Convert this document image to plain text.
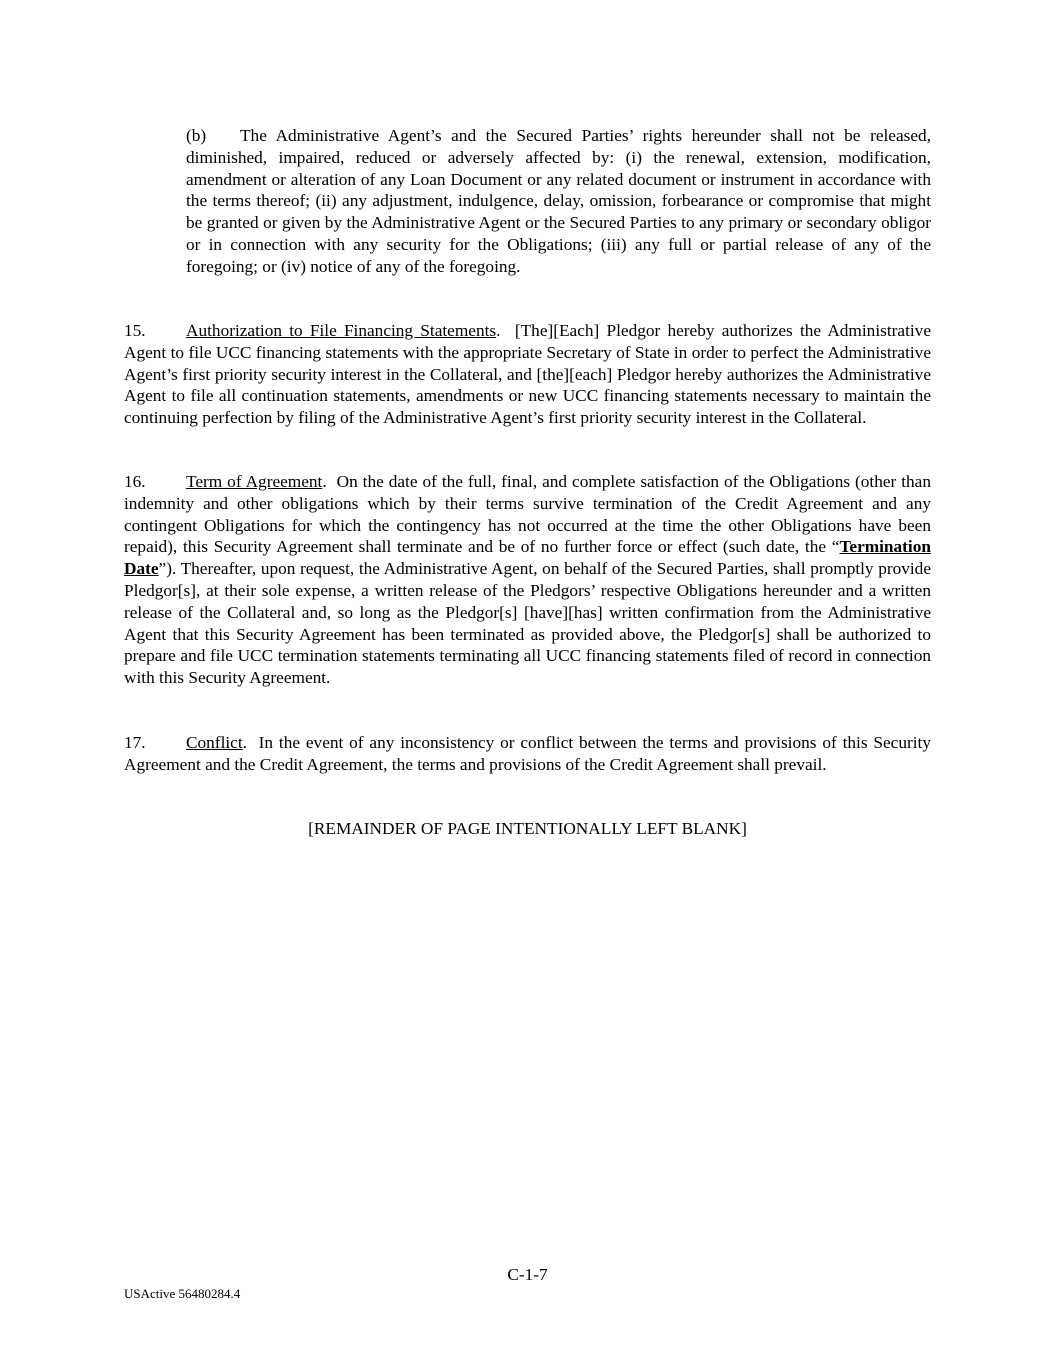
(b) The Administrative Agent’s and the Secured Parties’ rights hereunder shall not be released, diminished, impaired, reduced or adversely affected by: (i) the renewal, extension, modification, amendment or alteration of any Loan Document or any related document or instrument in accordance with the terms thereof; (ii) any adjustment, indulgence, delay, omission, forbearance or compromise that might be granted or given by the Administrative Agent or the Secured Parties to any primary or secondary obligor or in connection with any security for the Obligations; (iii) any full or partial release of any of the foregoing; or (iv) notice of any of the foregoing.

15. Authorization to File Financing Statements.  [The][Each] Pledgor hereby authorizes the Administrative Agent to file UCC financing statements with the appropriate Secretary of State in order to perfect the Administrative Agent’s first priority security interest in the Collateral, and [the][each] Pledgor hereby authorizes the Administrative Agent to file all continuation statements, amendments or new UCC financing statements necessary to maintain the continuing perfection by filing of the Administrative Agent’s first priority security interest in the Collateral.

16. Term of Agreement.  On the date of the full, final, and complete satisfaction of the Obligations (other than indemnity and other obligations which by their terms survive termination of the Credit Agreement and any contingent Obligations for which the contingency has not occurred at the time the other Obligations have been repaid), this Security Agreement shall terminate and be of no further force or effect (such date, the “Termination Date”). Thereafter, upon request, the Administrative Agent, on behalf of the Secured Parties, shall promptly provide Pledgor[s], at their sole expense, a written release of the Pledgors’ respective Obligations hereunder and a written release of the Collateral and, so long as the Pledgor[s] [have][has] written confirmation from the Administrative Agent that this Security Agreement has been terminated as provided above, the Pledgor[s] shall be authorized to prepare and file UCC termination statements terminating all UCC financing statements filed of record in connection with this Security Agreement.

17. Conflict.  In the event of any inconsistency or conflict between the terms and provisions of this Security Agreement and the Credit Agreement, the terms and provisions of the Credit Agreement shall prevail.

[REMAINDER OF PAGE INTENTIONALLY LEFT BLANK]
C-1-7
USActive 56480284.4
